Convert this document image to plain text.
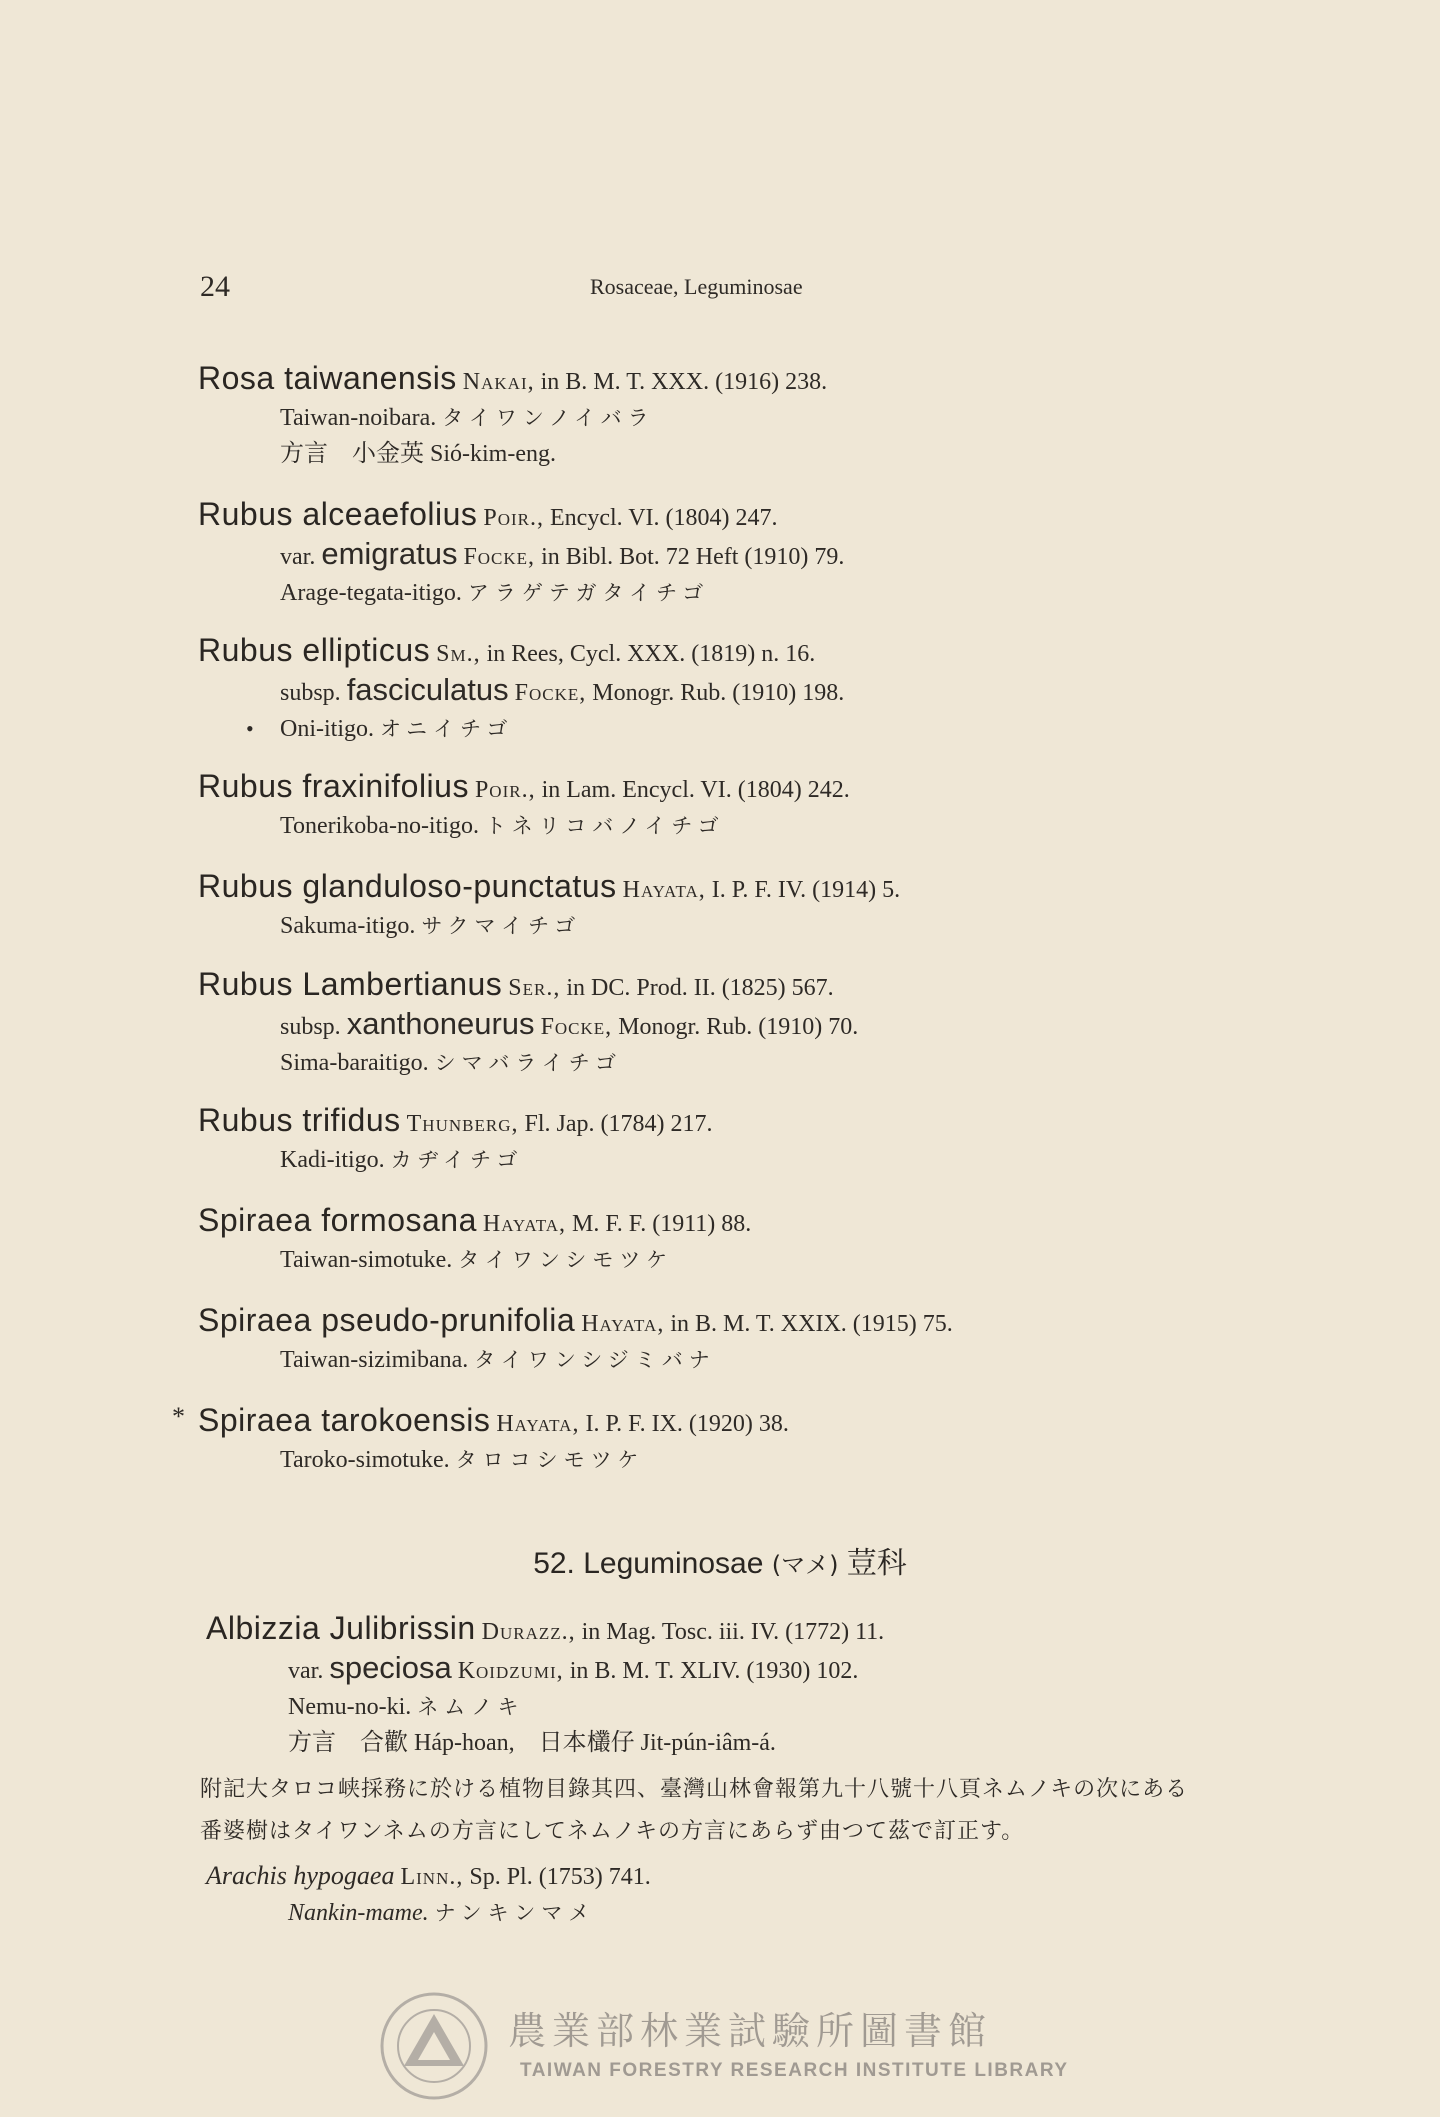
24	Rosaceae, Leguminosae
Rosa taiwanensis Nakai, in B. M. T. XXX. (1916) 238.
Taiwan-noibara. タイワンノイバラ
方言　小金英 Sió-kim-eng.
Rubus alceaefolius Poir., Encycl. VI. (1804) 247.
var. emigratus Focke, in Bibl. Bot. 72 Heft (1910) 79.
Arage-tegata-itigo. アラゲテガタイチゴ
Rubus ellipticus Sm., in Rees, Cycl. XXX. (1819) n. 16.
subsp. fasciculatus Focke, Monogr. Rub. (1910) 198.
• Oni-itigo. オニイチゴ
Rubus fraxinifolius Poir., in Lam. Encycl. VI. (1804) 242.
Tonerikoba-no-itigo. トネリコバノイチゴ
Rubus glanduloso-punctatus Hayata, I. P. F. IV. (1914) 5.
Sakuma-itigo. サクマイチゴ
Rubus Lambertianus Ser., in DC. Prod. II. (1825) 567.
subsp. xanthoneurus Focke, Monogr. Rub. (1910) 70.
Sima-baraitigo. シマバライチゴ
Rubus trifidus Thunberg, Fl. Jap. (1784) 217.
Kadi-itigo. カヂイチゴ
Spiraea formosana Hayata, M. F. F. (1911) 88.
Taiwan-simotuke. タイワンシモツケ
Spiraea pseudo-prunifolia Hayata, in B. M. T. XXIX. (1915) 75.
Taiwan-sizimibana. タイワンシジミバナ
* Spiraea tarokoensis Hayata, I. P. F. IX. (1920) 38.
Taroko-simotuke. タロコシモツケ
52. Leguminosae (マメ) 荳科
Albizzia Julibrissin Durazz., in Mag. Tosc. iii. IV. (1772) 11.
var. speciosa Koidzumi, in B. M. T. XLIV. (1930) 102.
Nemu-no-ki. ネムノキ
方言　合歡 Háp-hoan,　日本欉仔 Jit-pún-iâm-á.
附記大タロコ峡採務に於ける植物目錄其四、臺灣山林會報第九十八號十八頁ネムノキの次にある
番婆樹はタイワンネムの方言にしてネムノキの方言にあらず由つて茲で訂正す。
Arachis hypogaea Linn., Sp. Pl. (1753) 741.
Nankin-mame. ナンキンマメ
農業部林業試驗所圖書館
TAIWAN FORESTRY RESEARCH INSTITUTE LIBRARY
